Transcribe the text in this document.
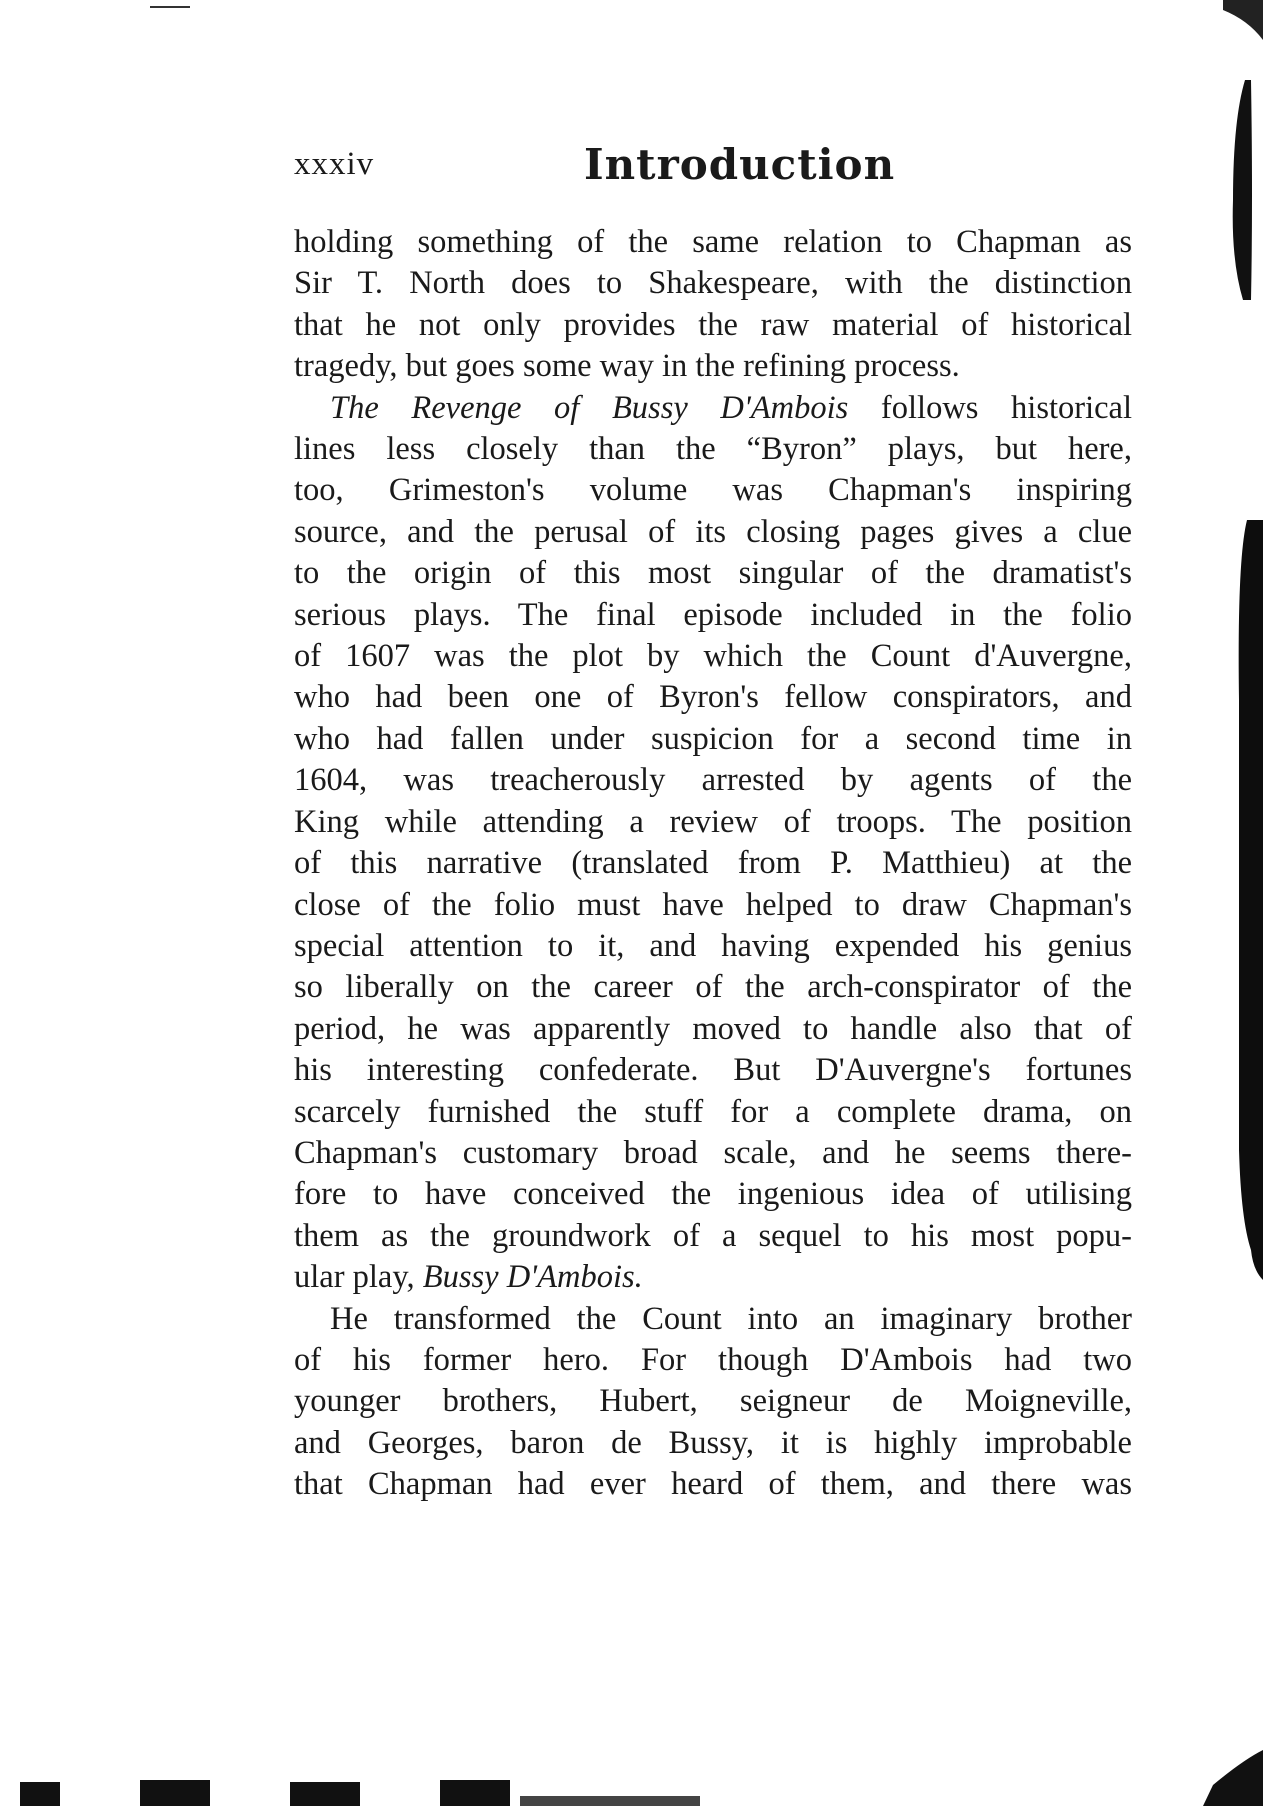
xxxiv	Introduction

holding something of the same relation to Chapman as

Sir T. North does to Shakespeare, with the distinction

that he not only provides the raw material of historical

tragedy, but goes some way in the refining process.

The Revenge of Bussy D'Ambois follows historical

lines less closely than the “Byron” plays, but here,

too, Grimeston's volume was Chapman's inspiring

source, and the perusal of its closing pages gives a clue

to the origin of this most singular of the dramatist's

serious plays. The final episode included in the folio

of 1607 was the plot by which the Count d'Auvergne,

who had been one of Byron's fellow conspirators, and

who had fallen under suspicion for a second time in

1604, was treacherously arrested by agents of the

King while attending a review of troops. The position

of this narrative (translated from P. Matthieu) at the

close of the folio must have helped to draw Chapman's

special attention to it, and having expended his genius

so liberally on the career of the arch-conspirator of the

period, he was apparently moved to handle also that of

his interesting confederate. But D'Auvergne's fortunes

scarcely furnished the stuff for a complete drama, on

Chapman's customary broad scale, and he seems there-

fore to have conceived the ingenious idea of utilising

them as the groundwork of a sequel to his most popu-

ular play, Bussy D'Ambois.

He transformed the Count into an imaginary brother

of his former hero. For though D'Ambois had two

younger brothers, Hubert, seigneur de Moigneville,

and Georges, baron de Bussy, it is highly improbable

that Chapman had ever heard of them, and there was
